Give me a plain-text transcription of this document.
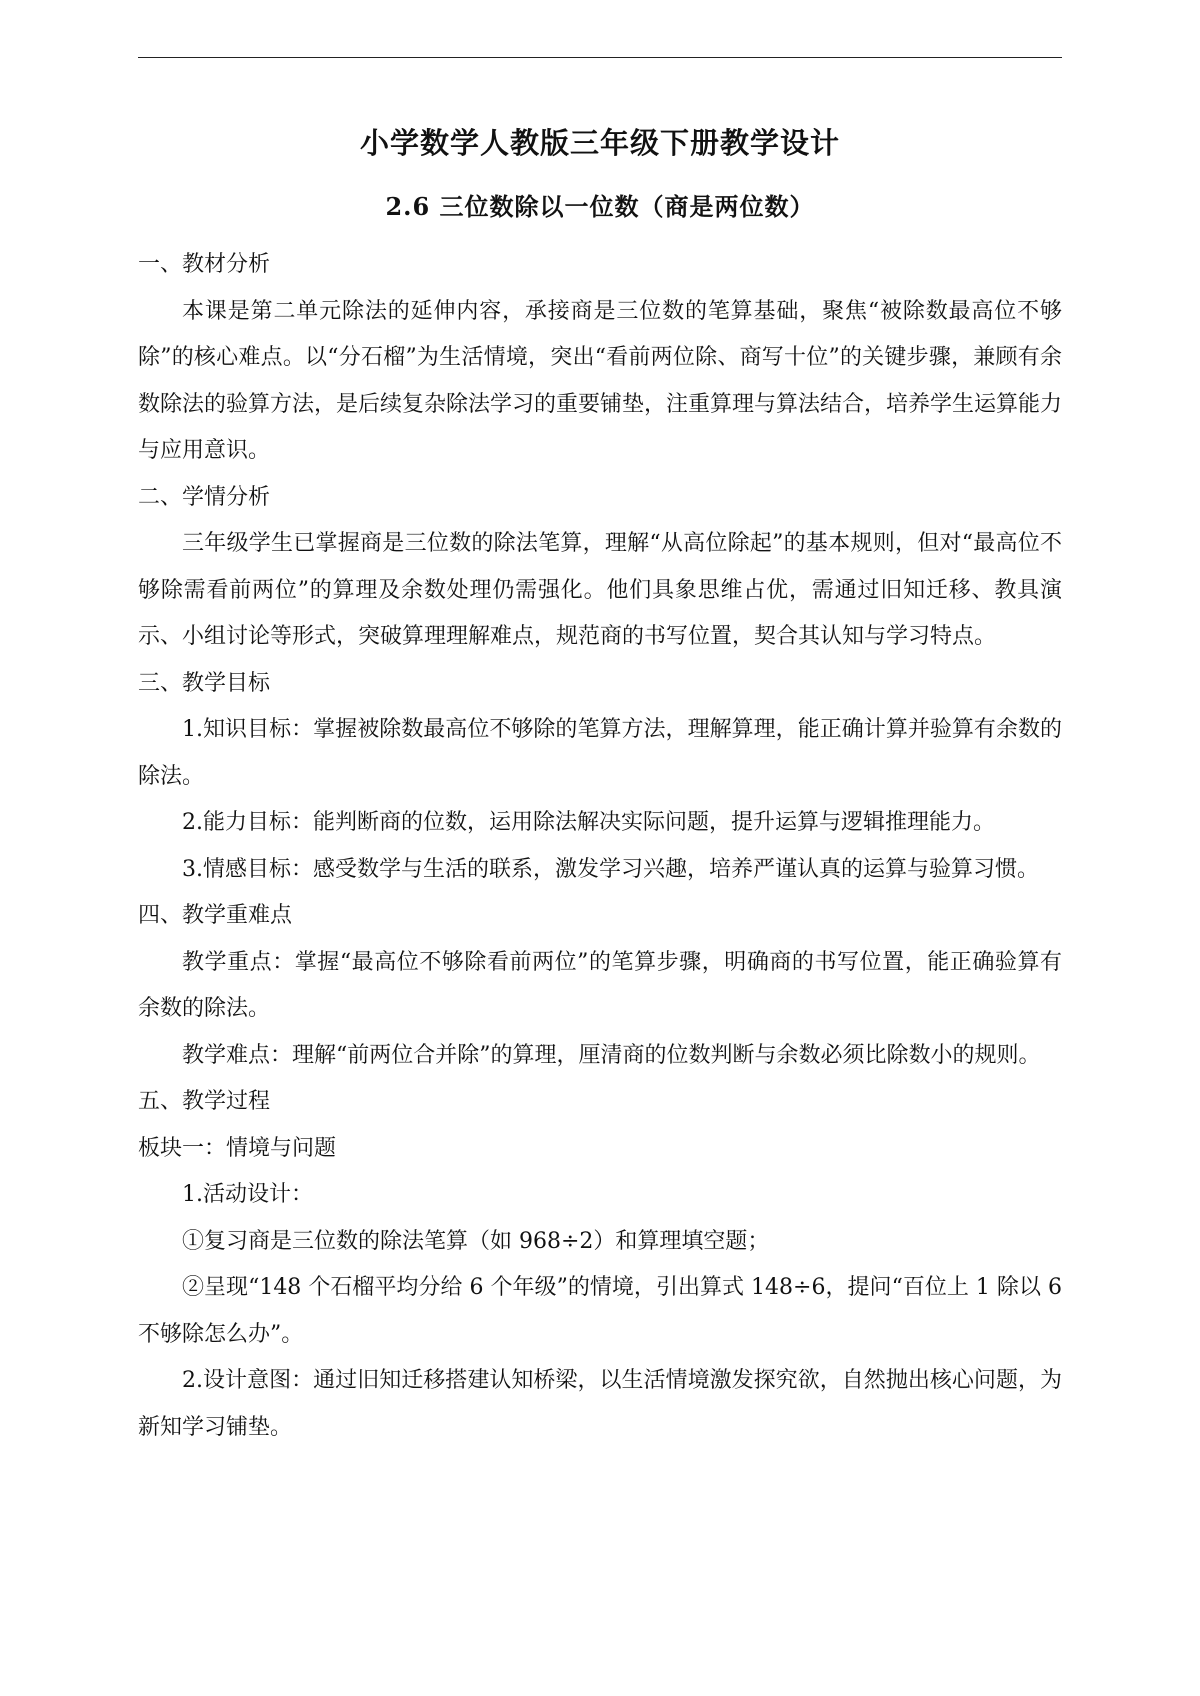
小学数学人教版三年级下册教学设计
2.6 三位数除以一位数（商是两位数）

一、教材分析

本课是第二单元除法的延伸内容，承接商是三位数的笔算基础，聚焦“被除数最高位不够除”的核心难点。以“分石榴”为生活情境，突出“看前两位除、商写十位”的关键步骤，兼顾有余数除法的验算方法，是后续复杂除法学习的重要铺垫，注重算理与算法结合，培养学生运算能力与应用意识。

二、学情分析

三年级学生已掌握商是三位数的除法笔算，理解“从高位除起”的基本规则，但对“最高位不够除需看前两位”的算理及余数处理仍需强化。他们具象思维占优，需通过旧知迁移、教具演示、小组讨论等形式，突破算理理解难点，规范商的书写位置，契合其认知与学习特点。

三、教学目标

1.知识目标：掌握被除数最高位不够除的笔算方法，理解算理，能正确计算并验算有余数的除法。

2.能力目标：能判断商的位数，运用除法解决实际问题，提升运算与逻辑推理能力。

3.情感目标：感受数学与生活的联系，激发学习兴趣，培养严谨认真的运算与验算习惯。

四、教学重难点

教学重点：掌握“最高位不够除看前两位”的笔算步骤，明确商的书写位置，能正确验算有余数的除法。

教学难点：理解“前两位合并除”的算理，厘清商的位数判断与余数必须比除数小的规则。

五、教学过程

板块一：情境与问题

1.活动设计：

①复习商是三位数的除法笔算（如 968÷2）和算理填空题；

②呈现“148 个石榴平均分给 6 个年级”的情境，引出算式 148÷6，提问“百位上 1 除以 6 不够除怎么办”。

2.设计意图：通过旧知迁移搭建认知桥梁，以生活情境激发探究欲，自然抛出核心问题，为新知学习铺垫。
